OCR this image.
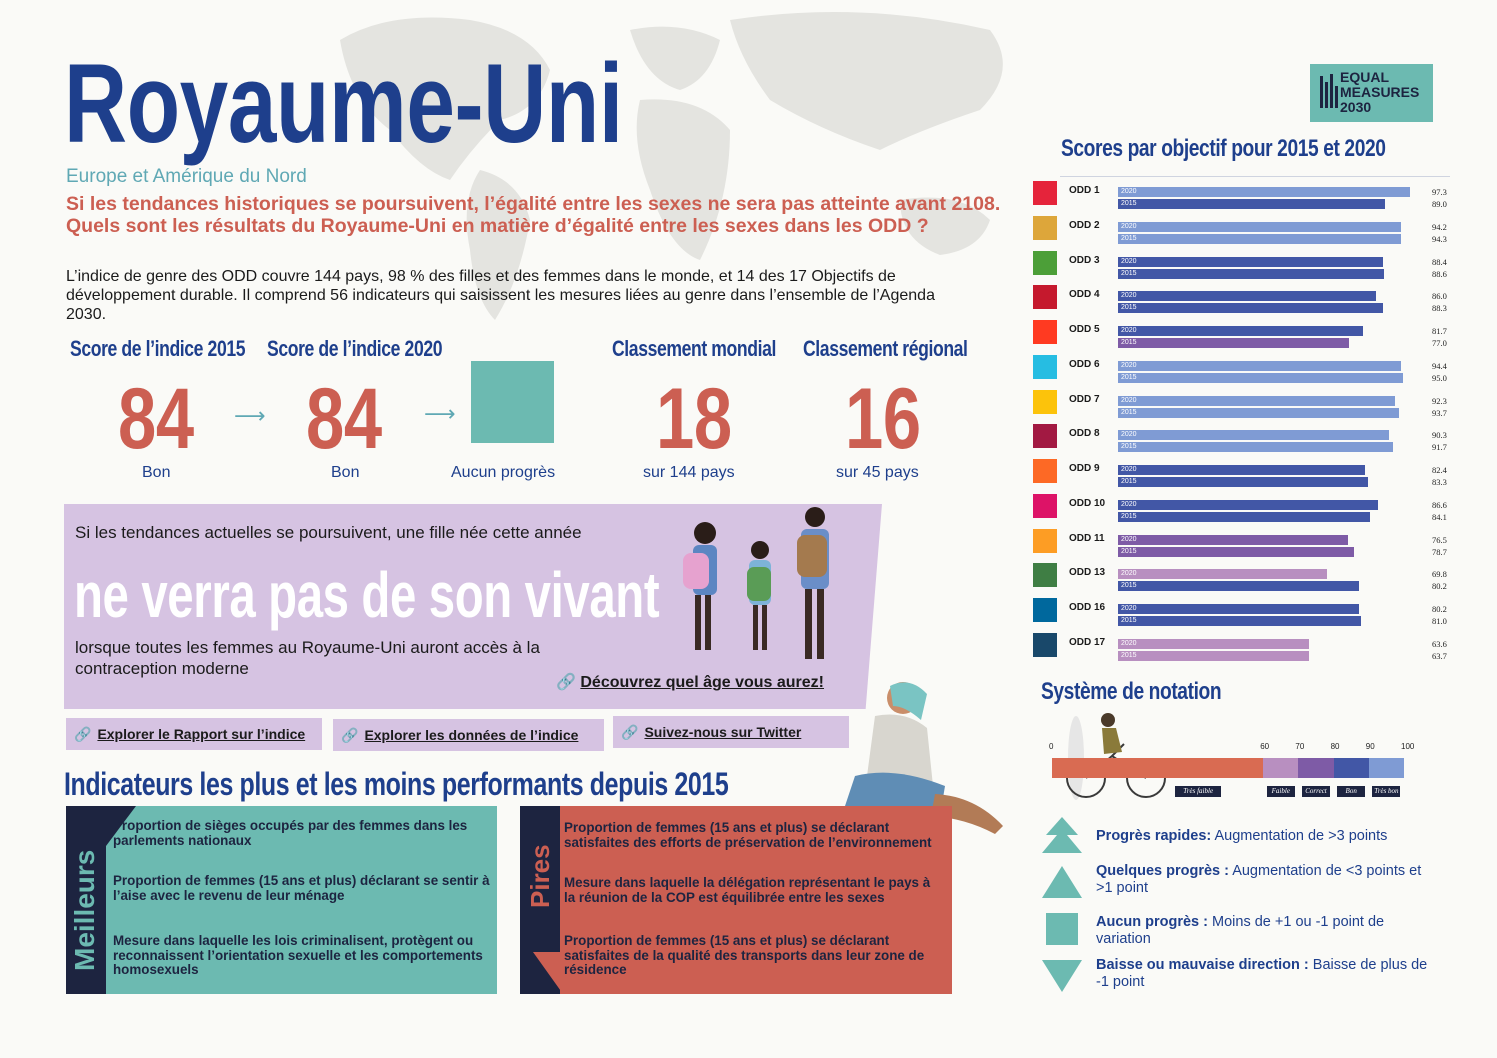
Royaume-Uni
Europe et Amérique du Nord
Si les tendances historiques se poursuivent, l’égalité entre les sexes ne sera pas atteinte avant 2108. Quels sont les résultats du Royaume-Uni en matière d’égalité entre les sexes dans les ODD ?
L’indice de genre des ODD couvre 144 pays, 98 % des filles et des femmes dans le monde, et 14 des 17 Objectifs de développement durable. Il comprend 56 indicateurs qui saisissent les mesures liées au genre dans l’ensemble de l’Agenda 2030.
EQUAL
MEASURES
2030
Score de l’indice 2015
84
Bon
⟶
Score de l’indice 2020
84
Bon
⟶
Aucun progrès
Classement mondial
18
sur 144 pays
Classement régional
16
sur 45 pays
Si les tendances actuelles se poursuivent, une fille née cette année
ne verra pas de son vivant
lorsque toutes les femmes au Royaume-Uni auront accès à la contraception moderne
🔗 Découvrez quel âge vous aurez!
🔗 Explorer le Rapport sur l’indice	🔗 Explorer les données de l’indice	🔗 Suivez-nous sur Twitter
Indicateurs les plus et les moins performants depuis 2015
Meilleurs
Proportion de sièges occupés par des femmes dans les parlements nationaux
Proportion de femmes (15 ans et plus) déclarant se sentir à l’aise avec le revenu de leur ménage
Mesure dans laquelle les lois criminalisent, protègent ou reconnaissent l’orientation sexuelle et les comportements homosexuels
Pires
Proportion de femmes (15 ans et plus) se déclarant satisfaites des efforts de préservation de l’environnement
Mesure dans laquelle la délégation représentant le pays à la réunion de la COP est équilibrée entre les sexes
Proportion de femmes (15 ans et plus) se déclarant satisfaites de la qualité des transports dans leur zone de résidence
Scores par objectif pour 2015 et 2020
ODD 1	2020	97.3
2015	89.0
ODD 2	2020	94.2
2015	94.3
ODD 3	2020	88.4
2015	88.6
ODD 4	2020	86.0
2015	88.3
ODD 5	2020	81.7
2015	77.0
ODD 6	2020	94.4
2015	95.0
ODD 7	2020	92.3
2015	93.7
ODD 8	2020	90.3
2015	91.7
ODD 9	2020	82.4
2015	83.3
ODD 10 2020	86.6
2015	84.1
ODD 11 2020	76.5
2015	78.7
ODD 13 2020	69.8
2015	80.2
ODD 16 2020	80.2
2015	81.0
ODD 17 2020	63.6
2015	63.7
Système de notation
Très faible	Faible	Correct	Bon	Très bon
0	60	70	80	90	100
Progrès rapides: Augmentation de >3 points
Quelques progrès : Augmentation de <3 points et >1 point
Aucun progrès : Moins de +1 ou -1 point de variation
Baisse ou mauvaise direction : Baisse de plus de -1 point
